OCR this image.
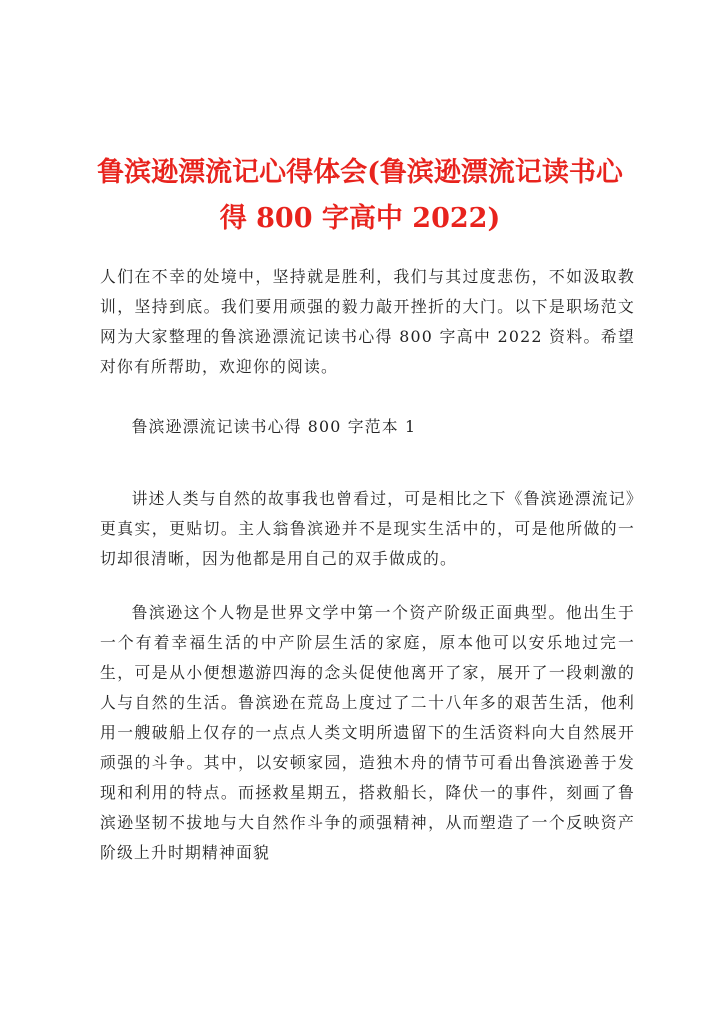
鲁滨逊漂流记心得体会(鲁滨逊漂流记读书心
得 800 字高中 2022)

人们在不幸的处境中，坚持就是胜利，我们与其过度悲伤，不如汲取教训，坚持到底。我们要用顽强的毅力敲开挫折的大门。以下是职场范文网为大家整理的鲁滨逊漂流记读书心得 800 字高中 2022 资料。希望对你有所帮助，欢迎你的阅读。

鲁滨逊漂流记读书心得 800 字范本 1

讲述人类与自然的故事我也曾看过，可是相比之下《鲁滨逊漂流记》更真实，更贴切。主人翁鲁滨逊并不是现实生活中的，可是他所做的一切却很清晰，因为他都是用自己的双手做成的。

鲁滨逊这个人物是世界文学中第一个资产阶级正面典型。他出生于一个有着幸福生活的中产阶层生活的家庭，原本他可以安乐地过完一生，可是从小便想遨游四海的念头促使他离开了家，展开了一段刺激的人与自然的生活。鲁滨逊在荒岛上度过了二十八年多的艰苦生活，他利用一艘破船上仅存的一点点人类文明所遗留下的生活资料向大自然展开顽强的斗争。其中，以安顿家园，造独木舟的情节可看出鲁滨逊善于发现和利用的特点。而拯救星期五，搭救船长，降伏一的事件，刻画了鲁滨逊坚韧不拔地与大自然作斗争的顽强精神，从而塑造了一个反映资产阶级上升时期精神面貌
